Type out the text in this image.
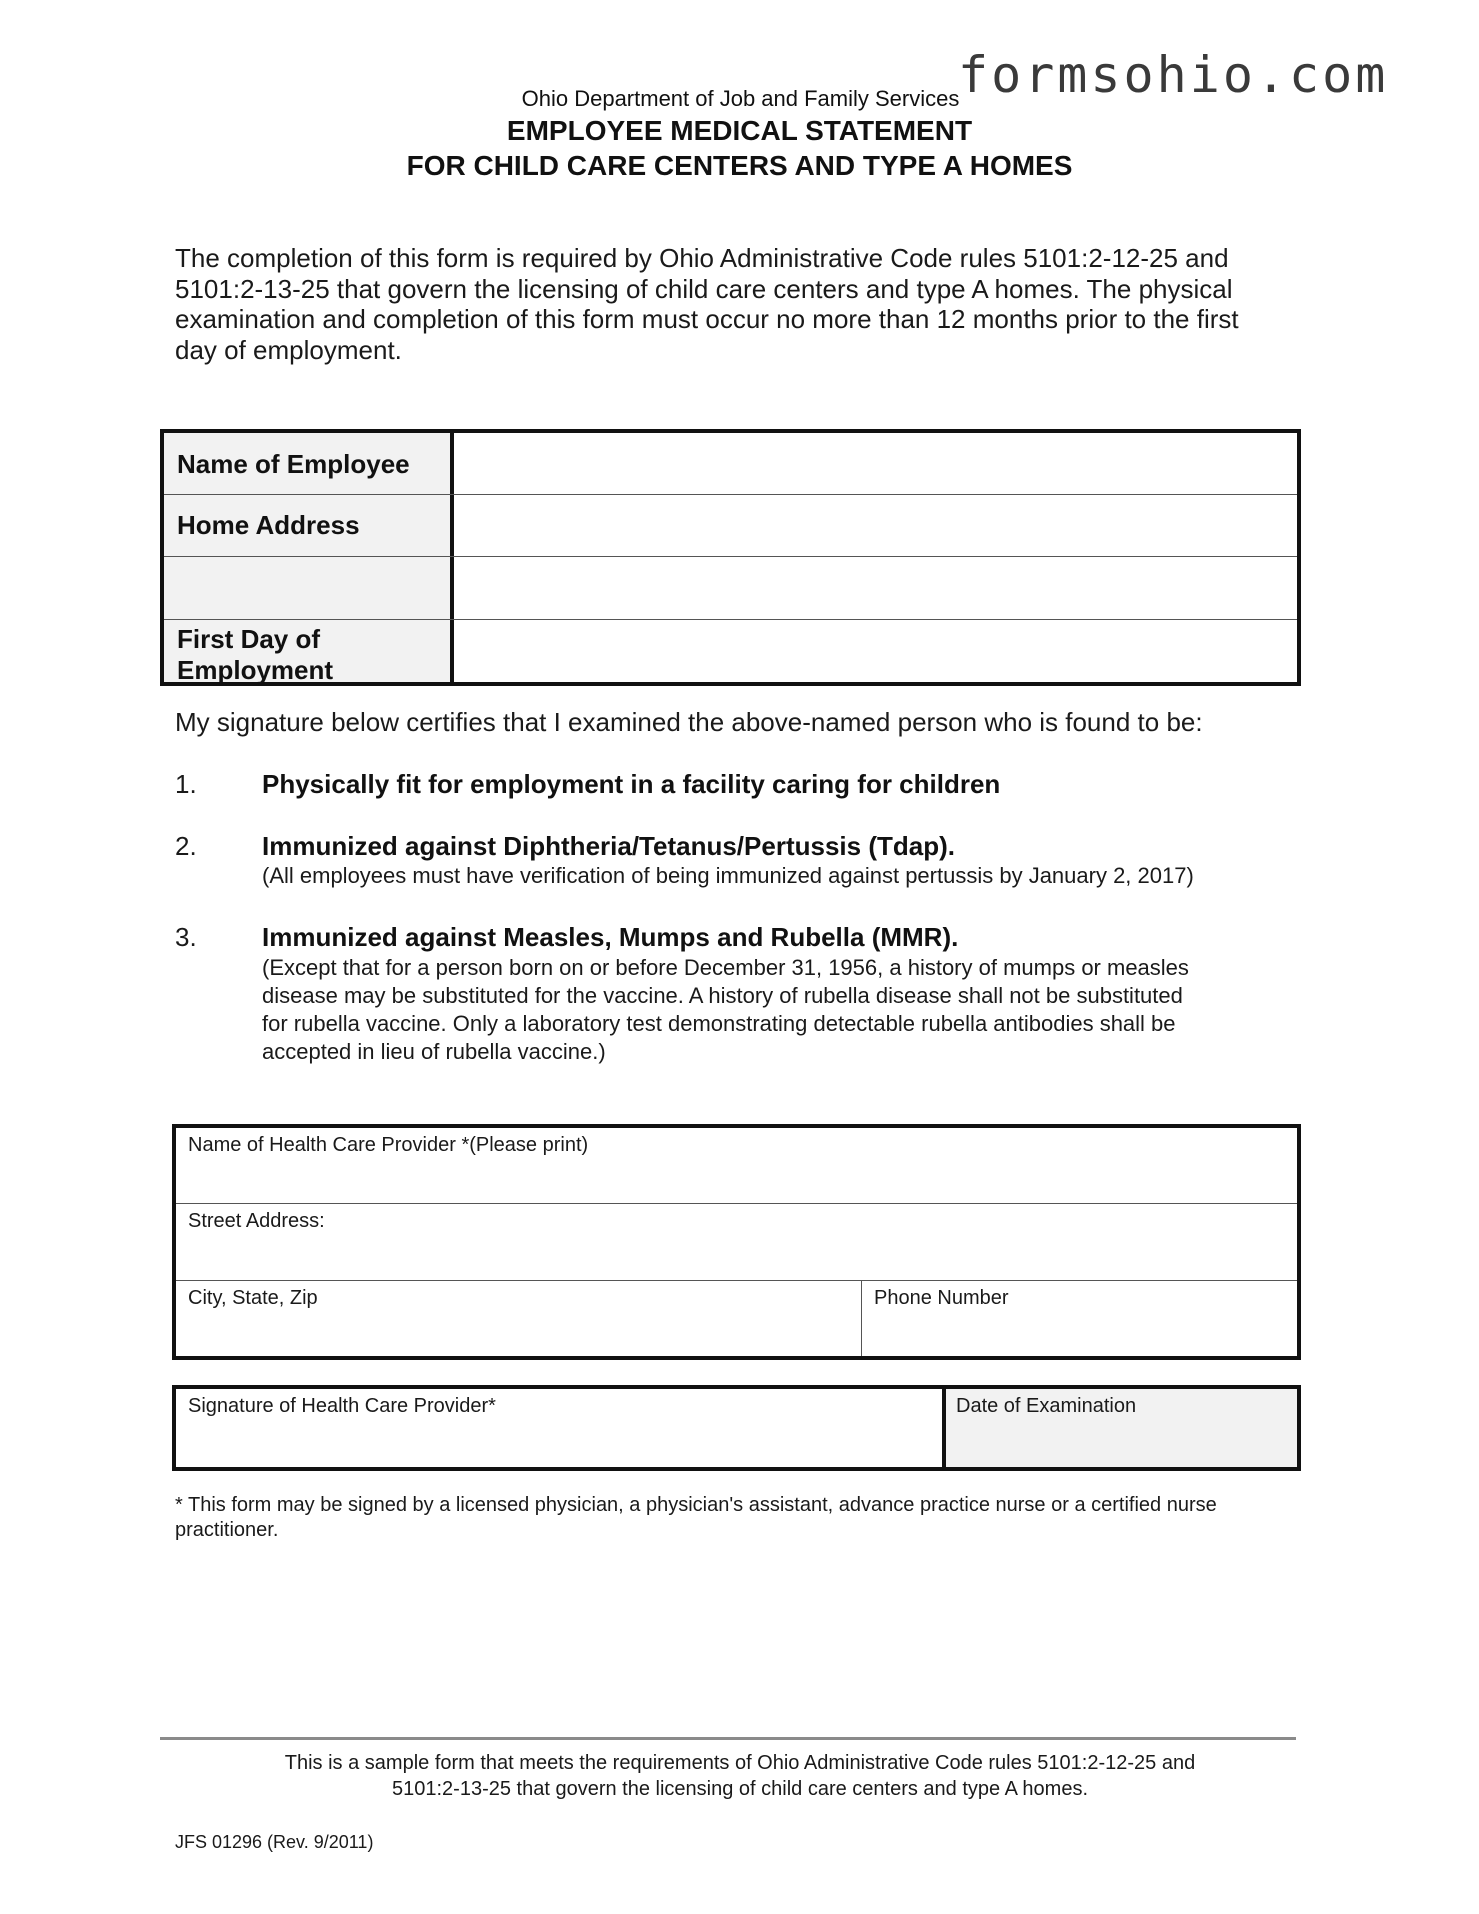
formsohio.com
Ohio Department of Job and Family Services
EMPLOYEE MEDICAL STATEMENT
FOR CHILD CARE CENTERS AND TYPE A HOMES
The completion of this form is required by Ohio Administrative Code rules 5101:2-12-25 and
5101:2-13-25 that govern the licensing of child care centers and type A homes. The physical
examination and completion of this form must occur no more than 12 months prior to the first
day of employment.
Name of Employee
Home Address
First Day of
Employment
My signature below certifies that I examined the above-named person who is found to be:
1.	Physically fit for employment in a facility caring for children
2.	Immunized against Diphtheria/Tetanus/Pertussis (Tdap).
(All employees must have verification of being immunized against pertussis by January 2, 2017)
3.	Immunized against Measles, Mumps and Rubella (MMR).
(Except that for a person born on or before December 31, 1956, a history of mumps or measles
disease may be substituted for the vaccine. A history of rubella disease shall not be substituted
for rubella vaccine. Only a laboratory test demonstrating detectable rubella antibodies shall be
accepted in lieu of rubella vaccine.)
Name of Health Care Provider *(Please print)
Street Address:
City, State, Zip	Phone Number
Signature of Health Care Provider*	Date of Examination
* This form may be signed by a licensed physician, a physician's assistant, advance practice nurse or a certified nurse practitioner.
This is a sample form that meets the requirements of Ohio Administrative Code rules 5101:2-12-25 and
5101:2-13-25 that govern the licensing of child care centers and type A homes.
JFS 01296 (Rev. 9/2011)
